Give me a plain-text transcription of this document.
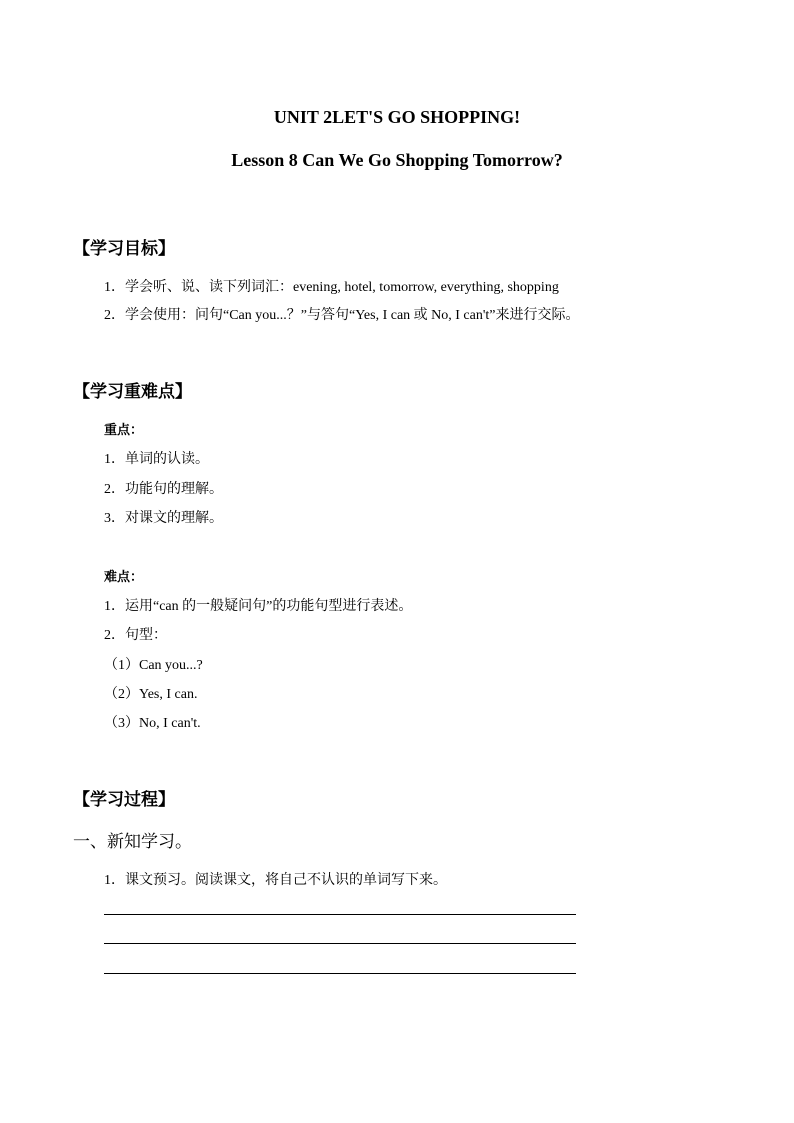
UNIT 2LET'S GO SHOPPING!
Lesson 8 Can We Go Shopping Tomorrow?
【学习目标】
1．学会听、说、读下列词汇：evening, hotel, tomorrow, everything, shopping
2．学会使用：问句“Can you...？”与答句“Yes, I can 或 No, I can't”来进行交际。
【学习重难点】
重点：
1．单词的认读。
2．功能句的理解。
3．对课文的理解。
难点：
1．运用“can 的一般疑问句”的功能句型进行表述。
2．句型：
（1）Can you...?
（2）Yes, I can.
（3）No, I can't.
【学习过程】
一、新知学习。
1．课文预习。阅读课文，将自己不认识的单词写下来。
